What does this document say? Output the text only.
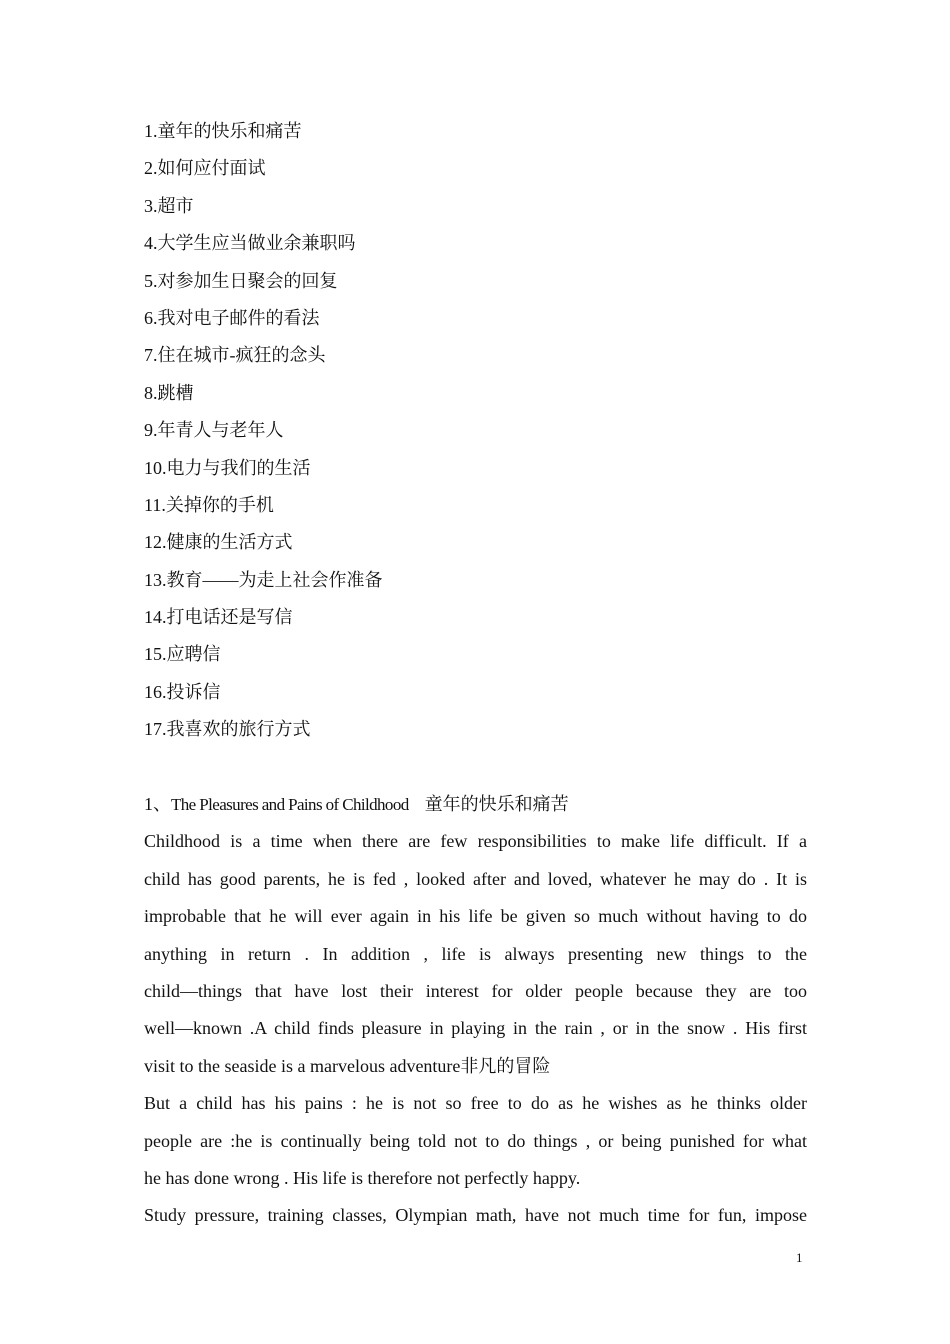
1.童年的快乐和痛苦
2.如何应付面试
3.超市
4.大学生应当做业余兼职吗
5.对参加生日聚会的回复
6.我对电子邮件的看法
7.住在城市-疯狂的念头
8.跳槽
9.年青人与老年人
10.电力与我们的生活
11.关掉你的手机
12.健康的生活方式
13.教育——为走上社会作准备
14.打电话还是写信
15.应聘信
16.投诉信
17.我喜欢的旅行方式
1、The Pleasures and Pains of Childhood 童年的快乐和痛苦
Childhood is a time when there are few responsibilities to make life difficult. If a
child has good parents, he is fed , looked after and loved, whatever he may do . It is
improbable that he will ever again in his life be given so much without having to do
anything in return . In addition , life is always presenting new things to the
child—things that have lost their interest for older people because they are too
well—known .A child finds pleasure in playing in the rain , or in the snow . His first
visit to the seaside is a marvelous adventure非凡的冒险
But a child has his pains : he is not so free to do as he wishes as he thinks older
people are :he is continually being told not to do things , or being punished for what
he has done wrong . His life is therefore not perfectly happy.
Study pressure, training classes, Olympian math, have not much time for fun, impose
1
